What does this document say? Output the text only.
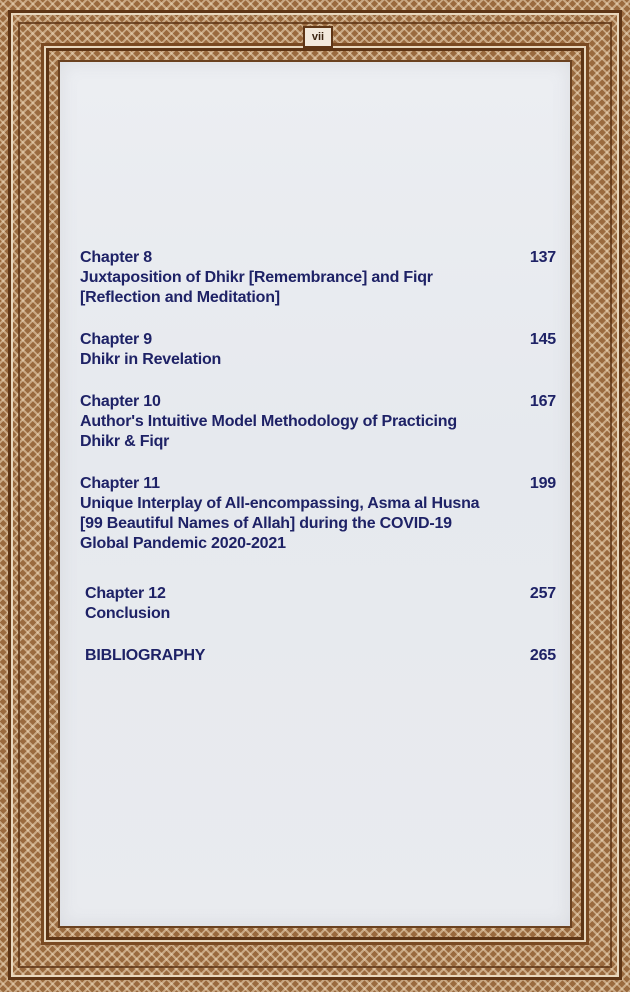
vii
Chapter 8	137
Juxtaposition of Dhikr [Remembrance] and Fiqr
[Reflection and Meditation]
Chapter 9	145
Dhikr in Revelation
Chapter 10	167
Author's Intuitive Model Methodology of Practicing
Dhikr & Fiqr
Chapter 11	199
Unique Interplay of All-encompassing, Asma al Husna
[99 Beautiful Names of Allah] during the COVID-19
Global Pandemic 2020-2021
Chapter 12	257
Conclusion
BIBLIOGRAPHY	265
